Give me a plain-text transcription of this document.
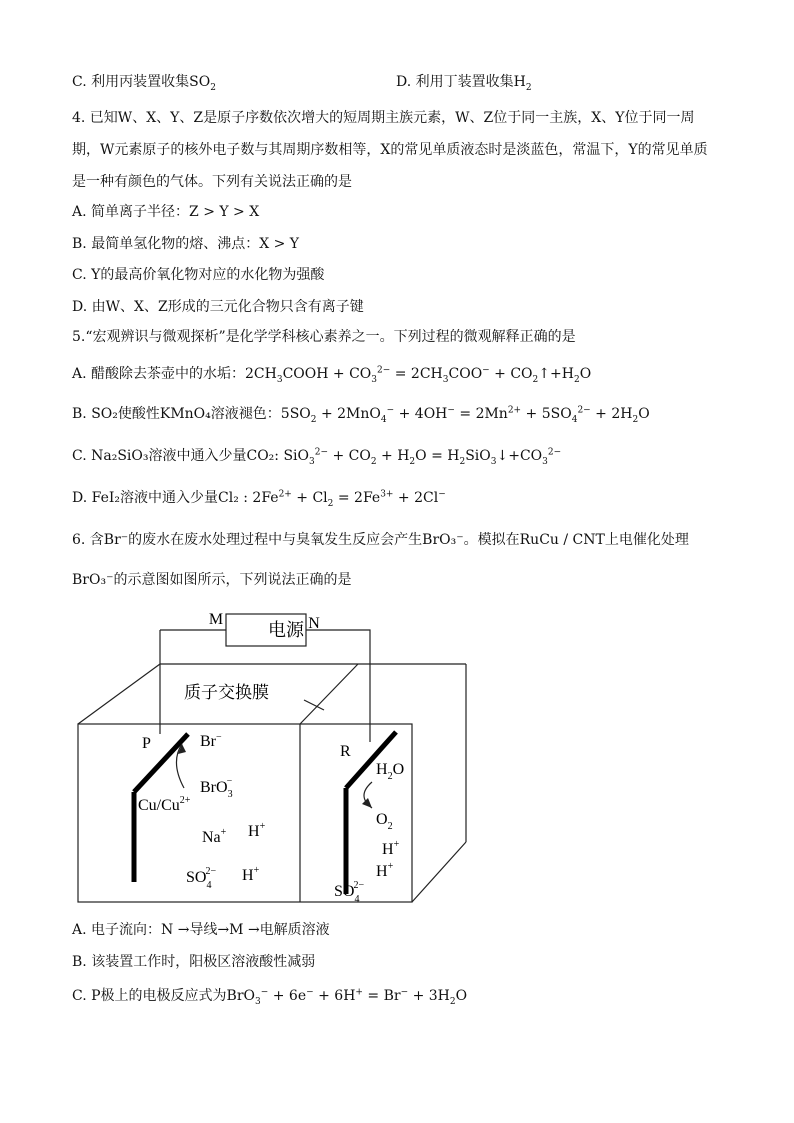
C. 利用丙装置收集$SO_2$	D. 利用丁装置收集$H_2$
4. 已知W、X、Y、Z是原子序数依次增大的短周期主族元素，W、Z位于同一主族，X、Y位于同一周
期，W元素原子的核外电子数与其周期序数相等，X的常见单质液态时是淡蓝色，常温下，Y的常见单质
是一种有颜色的气体。下列有关说法正确的是
A. 简单离子半径：Z > Y > X
B. 最简单氢化物的熔、沸点：X > Y
C. Y的最高价氧化物对应的水化物为强酸
D. 由W、X、Z形成的三元化合物只含有离子键
5.“宏观辨识与微观探析”是化学学科核心素养之一。下列过程的微观解释正确的是
A. 醋酸除去茶壶中的水垢：$2CH_3COOH + CO_3^{2-} = 2CH_3COO^-$ + $CO_2↑+H_2O$
B. SO₂使酸性KMnO₄溶液褪色：$5SO_2 + 2MnO_4^- + 4OH^- = 2Mn^{2+} + 5SO_4^{2-} + 2H_2O$
C. Na₂SiO₃溶液中通入少量CO₂: $SiO_3^{2-} + CO_2 + H_2O$ = $H_2SiO_3↓+CO_3^{2-}$
D. FeI₂溶液中通入少量Cl₂ : $2Fe^{2+} + Cl_2 = 2Fe^{3+} + 2Cl^-$
6. 含Br⁻的废水在废水处理过程中与臭氧发生反应会产生BrO₃⁻。模拟在RuCu / CNT上电催化处理
BrO₃⁻的示意图如图所示，下列说法正确的是
电源
M	N
质子交换膜
P	R
Br−
BrO$_3$−
$Cu/Cu^{2+}$
Na+ H+
$SO_42- H^+$
$H_2O$
$O_2$
H+
H+
$SO_42-$
A. 电子流向：N →导线→M →电解质溶液
B. 该装置工作时，阳极区溶液酸性减弱
C. P极上的电极反应式为$BrO_3^- + 6e^- + 6H^+ = Br^- + 3H_2O$
